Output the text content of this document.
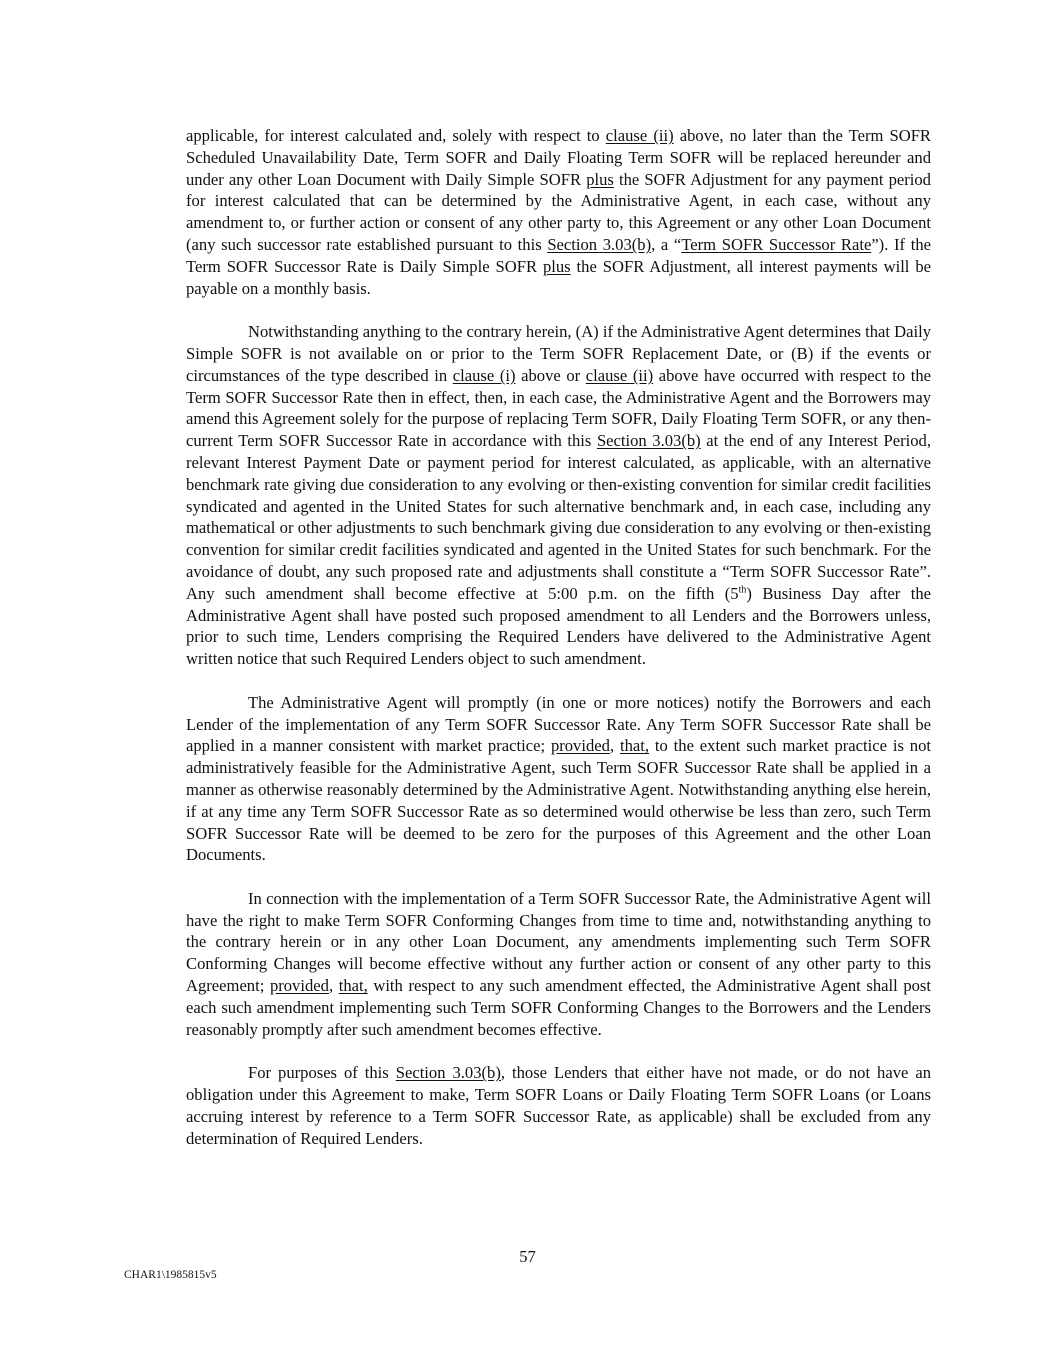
applicable, for interest calculated and, solely with respect to clause (ii) above, no later than the Term SOFR Scheduled Unavailability Date, Term SOFR and Daily Floating Term SOFR will be replaced hereunder and under any other Loan Document with Daily Simple SOFR plus the SOFR Adjustment for any payment period for interest calculated that can be determined by the Administrative Agent, in each case, without any amendment to, or further action or consent of any other party to, this Agreement or any other Loan Document (any such successor rate established pursuant to this Section 3.03(b), a “Term SOFR Successor Rate”). If the Term SOFR Successor Rate is Daily Simple SOFR plus the SOFR Adjustment, all interest payments will be payable on a monthly basis.

Notwithstanding anything to the contrary herein, (A) if the Administrative Agent determines that Daily Simple SOFR is not available on or prior to the Term SOFR Replacement Date, or (B) if the events or circumstances of the type described in clause (i) above or clause (ii) above have occurred with respect to the Term SOFR Successor Rate then in effect, then, in each case, the Administrative Agent and the Borrowers may amend this Agreement solely for the purpose of replacing Term SOFR, Daily Floating Term SOFR, or any then-current Term SOFR Successor Rate in accordance with this Section 3.03(b) at the end of any Interest Period, relevant Interest Payment Date or payment period for interest calculated, as applicable, with an alternative benchmark rate giving due consideration to any evolving or then-existing convention for similar credit facilities syndicated and agented in the United States for such alternative benchmark and, in each case, including any mathematical or other adjustments to such benchmark giving due consideration to any evolving or then-existing convention for similar credit facilities syndicated and agented in the United States for such benchmark. For the avoidance of doubt, any such proposed rate and adjustments shall constitute a “Term SOFR Successor Rate”. Any such amendment shall become effective at 5:00 p.m. on the fifth (5th) Business Day after the Administrative Agent shall have posted such proposed amendment to all Lenders and the Borrowers unless, prior to such time, Lenders comprising the Required Lenders have delivered to the Administrative Agent written notice that such Required Lenders object to such amendment.

The Administrative Agent will promptly (in one or more notices) notify the Borrowers and each Lender of the implementation of any Term SOFR Successor Rate. Any Term SOFR Successor Rate shall be applied in a manner consistent with market practice; provided, that, to the extent such market practice is not administratively feasible for the Administrative Agent, such Term SOFR Successor Rate shall be applied in a manner as otherwise reasonably determined by the Administrative Agent. Notwithstanding anything else herein, if at any time any Term SOFR Successor Rate as so determined would otherwise be less than zero, such Term SOFR Successor Rate will be deemed to be zero for the purposes of this Agreement and the other Loan Documents.

In connection with the implementation of a Term SOFR Successor Rate, the Administrative Agent will have the right to make Term SOFR Conforming Changes from time to time and, notwithstanding anything to the contrary herein or in any other Loan Document, any amendments implementing such Term SOFR Conforming Changes will become effective without any further action or consent of any other party to this Agreement; provided, that, with respect to any such amendment effected, the Administrative Agent shall post each such amendment implementing such Term SOFR Conforming Changes to the Borrowers and the Lenders reasonably promptly after such amendment becomes effective.

For purposes of this Section 3.03(b), those Lenders that either have not made, or do not have an obligation under this Agreement to make, Term SOFR Loans or Daily Floating Term SOFR Loans (or Loans accruing interest by reference to a Term SOFR Successor Rate, as applicable) shall be excluded from any determination of Required Lenders.

57
CHAR1\1985815v5
